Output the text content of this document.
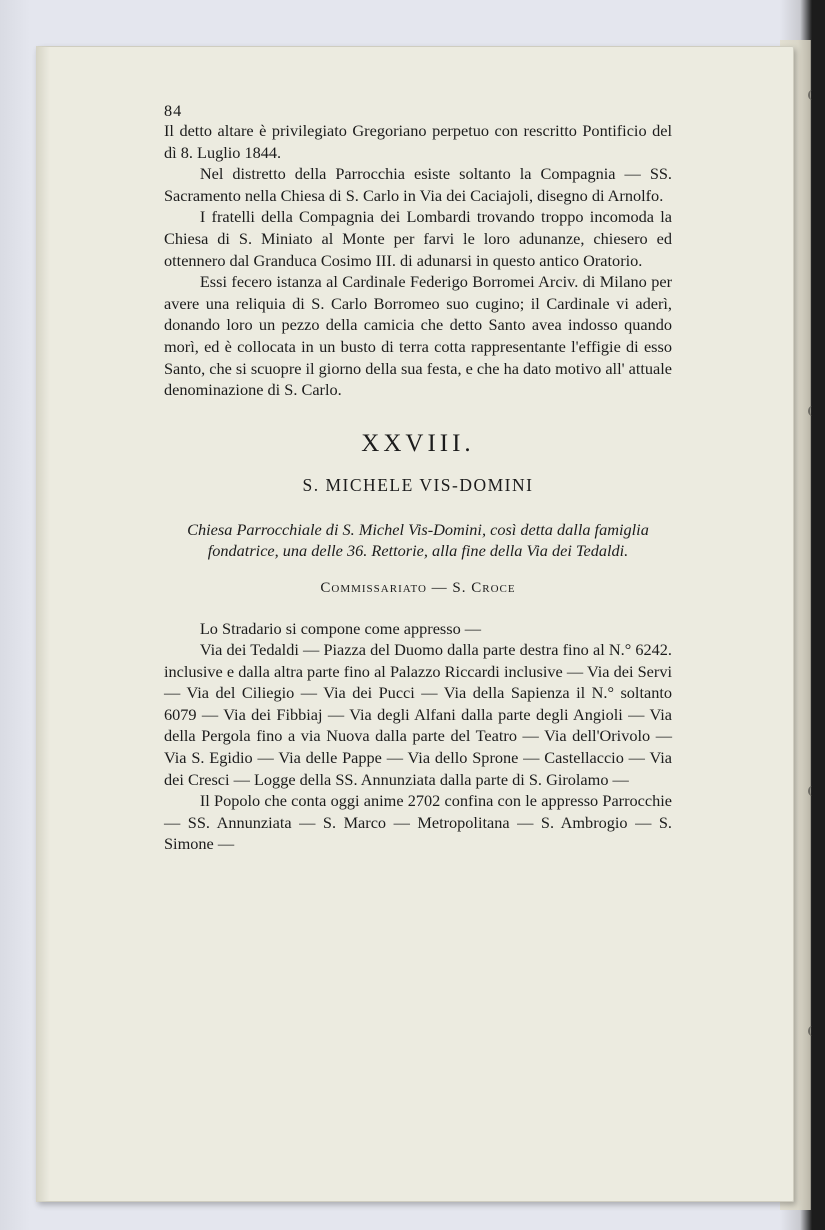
84

Il detto altare è privilegiato Gregoriano perpetuo con rescritto Pontificio del dì 8. Luglio 1844.

Nel distretto della Parrocchia esiste soltanto la Compagnia — SS. Sacramento nella Chiesa di S. Carlo in Via dei Caciajoli, disegno di Arnolfo.

I fratelli della Compagnia dei Lombardi trovando troppo incomoda la Chiesa di S. Miniato al Monte per farvi le loro adunanze, chiesero ed ottennero dal Granduca Cosimo III. di adunarsi in questo antico Oratorio.

Essi fecero istanza al Cardinale Federigo Borromei Arciv. di Milano per avere una reliquia di S. Carlo Borromeo suo cugino; il Cardinale vi aderì, donando loro un pezzo della camicia che detto Santo avea indosso quando morì, ed è collocata in un busto di terra cotta rappresentante l'effigie di esso Santo, che si scuopre il giorno della sua festa, e che ha dato motivo all' attuale denominazione di S. Carlo.

XXVIII.
S. MICHELE VIS-DOMINI

Chiesa Parrocchiale di S. Michel Vis-Domini, così detta dalla famiglia fondatrice, una delle 36. Rettorie, alla fine della Via dei Tedaldi.

Commissariato — S. Croce

Lo Stradario si compone come appresso —

Via dei Tedaldi — Piazza del Duomo dalla parte destra fino al N.° 6242. inclusive e dalla altra parte fino al Palazzo Riccardi inclusive — Via dei Servi — Via del Ciliegio — Via dei Pucci — Via della Sapienza il N.° soltanto 6079 — Via dei Fibbiaj — Via degli Alfani dalla parte degli Angioli — Via della Pergola fino a via Nuova dalla parte del Teatro — Via dell'Orivolo — Via S. Egidio — Via delle Pappe — Via dello Sprone — Castellaccio — Via dei Cresci — Logge della SS. Annunziata dalla parte di S. Girolamo —

Il Popolo che conta oggi anime 2702 confina con le appresso Parrocchie — SS. Annunziata — S. Marco — Metropolitana — S. Ambrogio — S. Simone —
